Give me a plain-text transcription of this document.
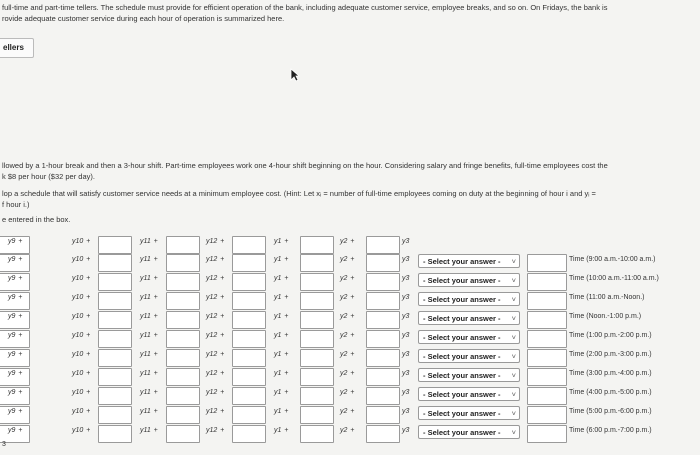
full-time and part-time tellers. The schedule must provide for efficient operation of the bank, including adequate customer service, employee breaks, and so on. On Fridays, the bank is
rovide adequate customer service during each hour of operation is summarized here.
ellers
llowed by a 1-hour break and then a 3-hour shift. Part-time employees work one 4-hour shift beginning on the hour. Considering salary and fringe benefits, full-time employees cost the
k $8 per hour ($32 per day).
lop a schedule that will satisfy customer service needs at a minimum employee cost. (Hint: Let xᵢ = number of full-time employees coming on duty at the beginning of hour i and yᵢ =
f hour i.)
e entered in the box.
y9 +	y10 +	y11 +	y12 +	y1 +	y2 +	y3
y9 +	y10 +	y11 +	y12 +	y1 +	y2 +	y3	- Select your answer - ˅	Time (9:00 a.m.-10:00 a.m.)
y9 +	y10 +	y11 +	y12 +	y1 +	y2 +	y3	- Select your answer - ˅	Time (10:00 a.m.-11:00 a.m.)
y9 +	y10 +	y11 +	y12 +	y1 +	y2 +	y3	- Select your answer - ˅	Time (11:00 a.m.-Noon.)
y9 +	y10 +	y11 +	y12 +	y1 +	y2 +	y3	- Select your answer - ˅	Time (Noon.-1:00 p.m.)
y9 +	y10 +	y11 +	y12 +	y1 +	y2 +	y3	- Select your answer - ˅	Time (1:00 p.m.-2:00 p.m.)
y9 +	y10 +	y11 +	y12 +	y1 +	y2 +	y3	- Select your answer - ˅	Time (2:00 p.m.-3:00 p.m.)
y9 +	y10 +	y11 +	y12 +	y1 +	y2 +	y3	- Select your answer - ˅	Time (3:00 p.m.-4:00 p.m.)
y9 +	y10 +	y11 +	y12 +	y1 +	y2 +	y3	- Select your answer - ˅	Time (4:00 p.m.-5:00 p.m.)
y9 +	y10 +	y11 +	y12 +	y1 +	y2 +	y3	- Select your answer - ˅	Time (5:00 p.m.-6:00 p.m.)
y9 +	y10 +	y11 +	y12 +	y1 +	y2 +	y3	- Select your answer - ˅	Time (6:00 p.m.-7:00 p.m.)
3
